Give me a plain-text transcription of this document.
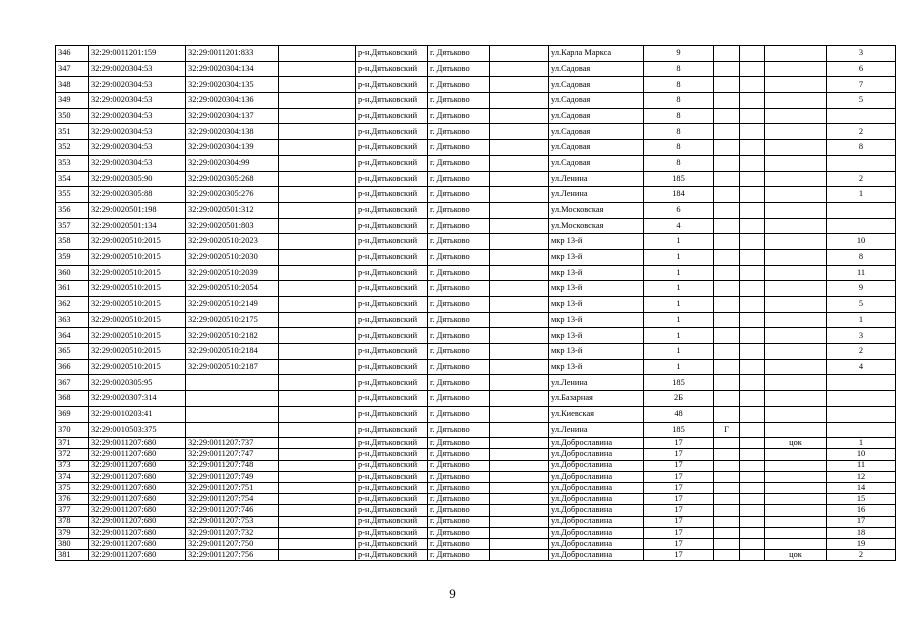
346	32:29:0011201:159	32:29:0011201:833		р-н.Дятьковский	г. Дятьково		ул.Карла Маркса	9				3
347	32:29:0020304:53	32:29:0020304:134		р-н.Дятьковский	г. Дятьково		ул.Садовая	8				6
348	32:29:0020304:53	32:29:0020304:135		р-н.Дятьковский	г. Дятьково		ул.Садовая	8				7
349	32:29:0020304:53	32:29:0020304:136		р-н.Дятьковский	г. Дятьково		ул.Садовая	8				5
350	32:29:0020304:53	32:29:0020304:137		р-н.Дятьковский	г. Дятьково		ул.Садовая	8				
351	32:29:0020304:53	32:29:0020304:138		р-н.Дятьковский	г. Дятьково		ул.Садовая	8				2
352	32:29:0020304:53	32:29:0020304:139		р-н.Дятьковский	г. Дятьково		ул.Садовая	8				8
353	32:29:0020304:53	32:29:0020304:99		р-н.Дятьковский	г. Дятьково		ул.Садовая	8				
354	32:29:0020305:90	32:29:0020305:268		р-н.Дятьковский	г. Дятьково		ул.Ленина	185				2
355	32:29:0020305:88	32:29:0020305:276		р-н.Дятьковский	г. Дятьково		ул.Ленина	184				1
356	32:29:0020501:198	32:29:0020501:312		р-н.Дятьковский	г. Дятьково		ул.Московская	6				
357	32:29:0020501:134	32:29:0020501:803		р-н.Дятьковский	г. Дятьково		ул.Московская	4				
358	32:29:0020510:2015	32:29:0020510:2023		р-н.Дятьковский	г. Дятьково		мкр 13-й	1				10
359	32:29:0020510:2015	32:29:0020510:2030		р-н.Дятьковский	г. Дятьково		мкр 13-й	1				8
360	32:29:0020510:2015	32:29:0020510:2039		р-н.Дятьковский	г. Дятьково		мкр 13-й	1				11
361	32:29:0020510:2015	32:29:0020510:2054		р-н.Дятьковский	г. Дятьково		мкр 13-й	1				9
362	32:29:0020510:2015	32:29:0020510:2149		р-н.Дятьковский	г. Дятьково		мкр 13-й	1				5
363	32:29:0020510:2015	32:29:0020510:2175		р-н.Дятьковский	г. Дятьково		мкр 13-й	1				1
364	32:29:0020510:2015	32:29:0020510:2182		р-н.Дятьковский	г. Дятьково		мкр 13-й	1				3
365	32:29:0020510:2015	32:29:0020510:2184		р-н.Дятьковский	г. Дятьково		мкр 13-й	1				2
366	32:29:0020510:2015	32:29:0020510:2187		р-н.Дятьковский	г. Дятьково		мкр 13-й	1				4
367	32:29:0020305:95			р-н.Дятьковский	г. Дятьково		ул.Ленина	185				
368	32:29:0020307:314			р-н.Дятьковский	г. Дятьково		ул.Базарная	2Б				
369	32:29:0010203:41			р-н.Дятьковский	г. Дятьково		ул.Киевская	48				
370	32:29:0010503:375			р-н.Дятьковский	г. Дятьково		ул.Ленина	185	Г			
371	32:29:0011207:680	32:29:0011207:737		р-н.Дятьковский	г. Дятьково		ул.Доброславина	17			цок	1
372	32:29:0011207:680	32:29:0011207:747		р-н.Дятьковский	г. Дятьково		ул.Доброславина	17				10
373	32:29:0011207:680	32:29:0011207:748		р-н.Дятьковский	г. Дятьково		ул.Доброславина	17				11
374	32:29:0011207:680	32:29:0011207:749		р-н.Дятьковский	г. Дятьково		ул.Доброславина	17				12
375	32:29:0011207:680	32:29:0011207:751		р-н.Дятьковский	г. Дятьково		ул.Доброславина	17				14
376	32:29:0011207:680	32:29:0011207:754		р-н.Дятьковский	г. Дятьково		ул.Доброславина	17				15
377	32:29:0011207:680	32:29:0011207:746		р-н.Дятьковский	г. Дятьково		ул.Доброславина	17				16
378	32:29:0011207:680	32:29:0011207:753		р-н.Дятьковский	г. Дятьково		ул.Доброславина	17				17
379	32:29:0011207:680	32:29:0011207:732		р-н.Дятьковский	г. Дятьково		ул.Доброславина	17				18
380	32:29:0011207:680	32:29:0011207:750		р-н.Дятьковский	г. Дятьково		ул.Доброславина	17				19
381	32:29:0011207:680	32:29:0011207:756		р-н.Дятьковский	г. Дятьково		ул.Доброславина	17			цок	2
9
